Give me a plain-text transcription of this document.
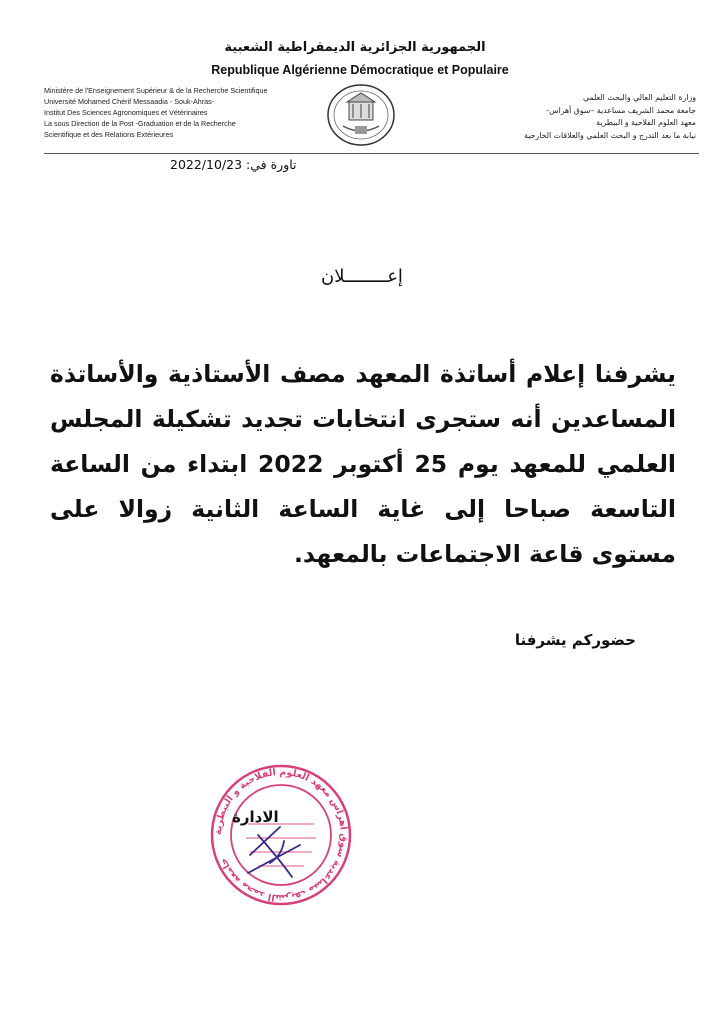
الجمهورية الجزائرية الديمقراطية الشعبية
Republique Algérienne Démocratique et Populaire
Ministère de l'Enseignement Supérieur & de la Recherche Scientifique
Université Mohamed Chérif Messaadia - Souk-Ahras-
Institut Des Sciences Agronomiques et Vétérinaires
La sous Direction de la Post -Graduation et de la Recherche
Scientifique et des Relations Extérieures
وزارة التعليم العالي والبحث العلمي
جامعة محمد الشريف مساعدية –سوق أهراس-
معهد العلوم الفلاحية و البيطرية
نيابة ما بعد التدرج و البحث العلمي والعلاقات الخارجية
تاورة في: 2022/10/23
إعــــــــلان
يشرفنا إعلام أساتذة المعهد مصف الأستاذية والأساتذة المساعدين أنه ستجرى انتخابات تجديد تشكيلة المجلس العلمي للمعهد يوم 25 أكتوبر 2022 ابتداء من الساعة التاسعة صباحا إلى غاية الساعة الثانية زوالا على مستوى قاعة الاجتماعات بالمعهد.
حضوركم يشرفنا
جامعة محمد الشريف مساعدية سوق أهراس معهد العلوم الفلاحية و البيطرية
الادارة
